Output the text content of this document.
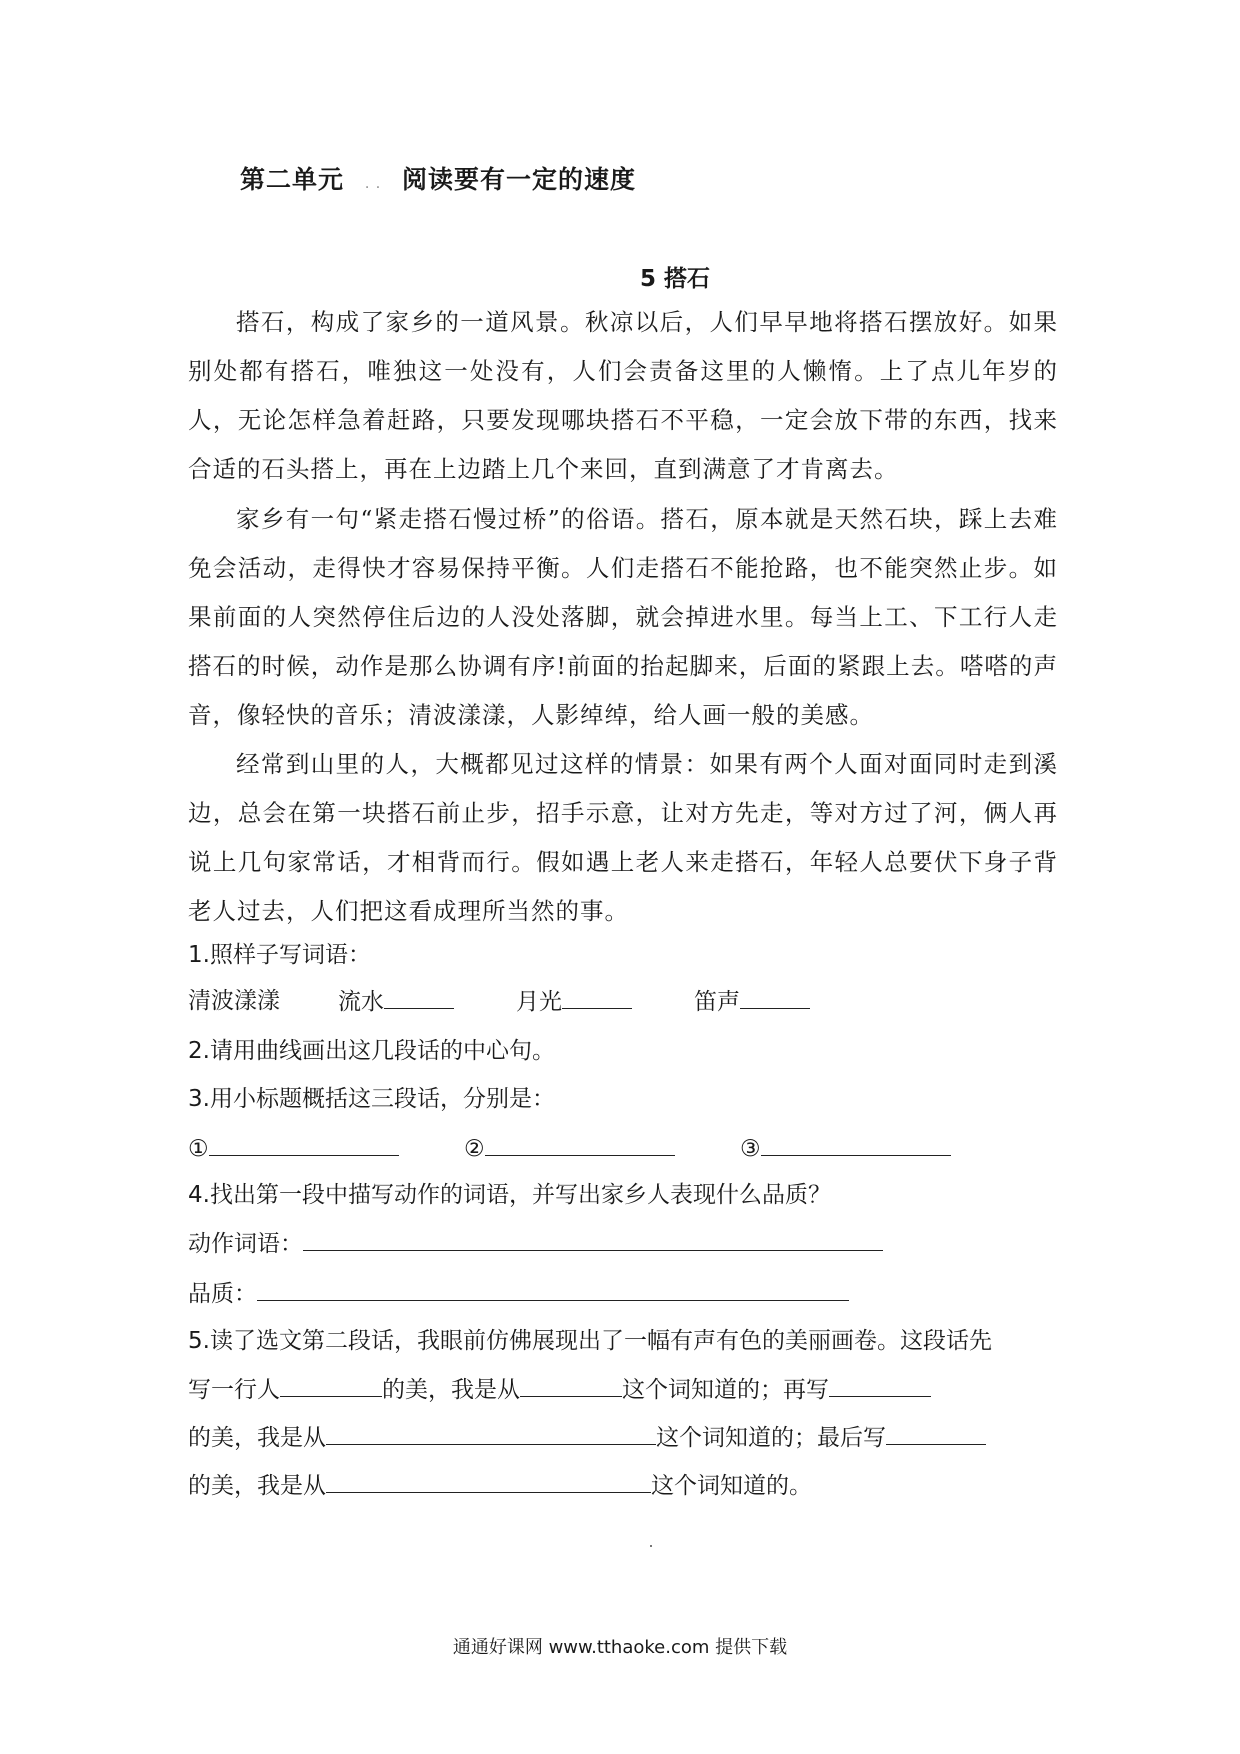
第二单元 . . 阅读要有一定的速度
5 搭石

搭石，构成了家乡的一道风景。秋凉以后，人们早早地将搭石摆放好。如果别处都有搭石，唯独这一处没有，人们会责备这里的人懒惰。上了点儿年岁的人，无论怎样急着赶路，只要发现哪块搭石不平稳，一定会放下带的东西，找来合适的石头搭上，再在上边踏上几个来回，直到满意了才肯离去。

家乡有一句“紧走搭石慢过桥”的俗语。搭石，原本就是天然石块，踩上去难免会活动，走得快才容易保持平衡。人们走搭石不能抢路，也不能突然止步。如果前面的人突然停住后边的人没处落脚，就会掉进水里。每当上工、下工行人走搭石的时候，动作是那么协调有序!前面的抬起脚来，后面的紧跟上去。嗒嗒的声音，像轻快的音乐；清波漾漾，人影绰绰，给人画一般的美感。

经常到山里的人，大概都见过这样的情景：如果有两个人面对面同时走到溪边，总会在第一块搭石前止步，招手示意，让对方先走，等对方过了河，俩人再说上几句家常话，才相背而行。假如遇上老人来走搭石，年轻人总要伏下身子背老人过去，人们把这看成理所当然的事。

1.照样子写词语：
清波漾漾	流水	月光	笛声
2.请用曲线画出这几段话的中心句。
3.用小标题概括这三段话，分别是：
①	②	③
4.找出第一段中描写动作的词语，并写出家乡人表现什么品质？
动作词语：
品质：
5.读了选文第二段话，我眼前仿佛展现出了一幅有声有色的美丽画卷。这段话先
写一行人	的美，我是从	这个词知道的；再写
的美，我是从	这个词知道的；最后写
的美，我是从	这个词知道的。
通通好课网 www.tthaoke.com 提供下载
